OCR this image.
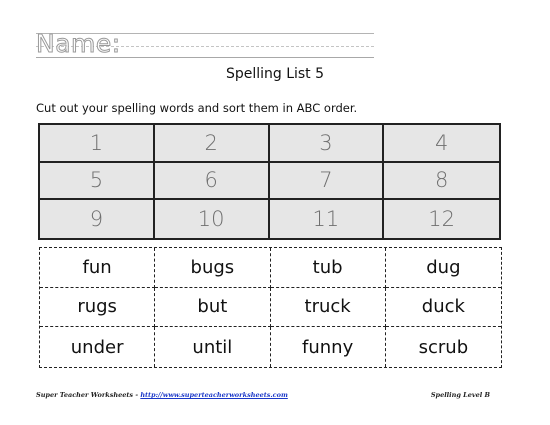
Name:
Spelling List 5
Cut out your spelling words and sort them in ABC order.
1	2	3	4
5	6	7	8
9	10	11	12
fun	bugs	tub	dug
rugs	but	truck	duck
under	until	funny	scrub
Super Teacher Worksheets - http://www.superteacherworksheets.com	Spelling Level B
